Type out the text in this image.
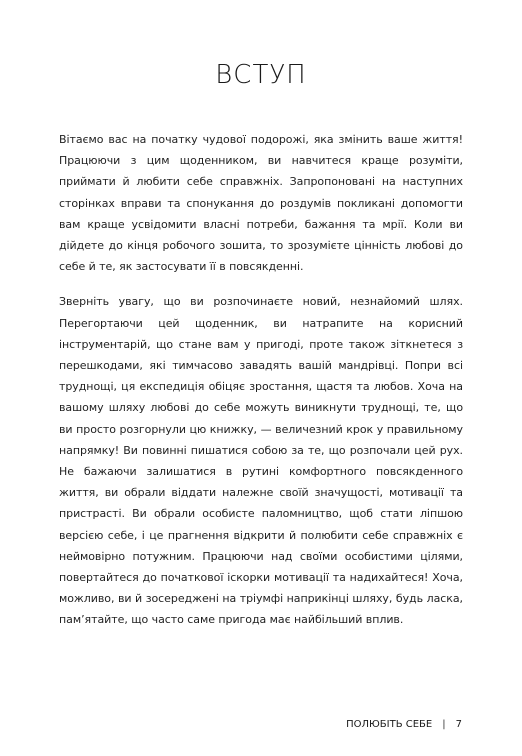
ВСТУП

Вітаємо вас на початку чудової подорожі, яка змінить ваше життя! Працюючи з цим щоденником, ви навчитеся краще розуміти, приймати й любити себе справжніх. Запропоновані на наступних сторінках вправи та спонукання до роздумів покликані допомогти вам краще усвідомити власні потреби, бажання та мрії. Коли ви дійдете до кінця робочого зошита, то зрозумієте цінність любові до себе й те, як застосувати її в повсякденні.

Зверніть увагу, що ви розпочинаєте новий, незнайомий шлях. Перегортаючи цей щоденник, ви натрапите на корисний інструментарій, що стане вам у пригоді, проте також зіткнетеся з перешкодами, які тимчасово завадять вашій мандрівці. Попри всі труднощі, ця експедиція обіцяє зростання, щастя та любов. Хоча на вашому шляху любові до себе можуть виникнути труднощі, те, що ви просто розгорнули цю книжку, — величезний крок у правильному напрямку! Ви повинні пишатися собою за те, що розпочали цей рух. Не бажаючи залишатися в рутині комфортного повсякденного життя, ви обрали віддати належне своїй значущості, мотивації та пристрасті. Ви обрали особисте паломництво, щоб стати ліпшою версією себе, і це прагнення відкрити й полюбити себе справжніх є неймовірно потужним. Працюючи над своїми особистими цілями, повертайтеся до початкової іскорки мотивації та надихайтеся! Хоча, можливо, ви й зосереджені на тріумфі наприкінці шляху, будь ласка, пам’ятайте, що часто саме пригода має найбільший вплив.

ПОЛЮБІТЬ СЕБЕ | 7
